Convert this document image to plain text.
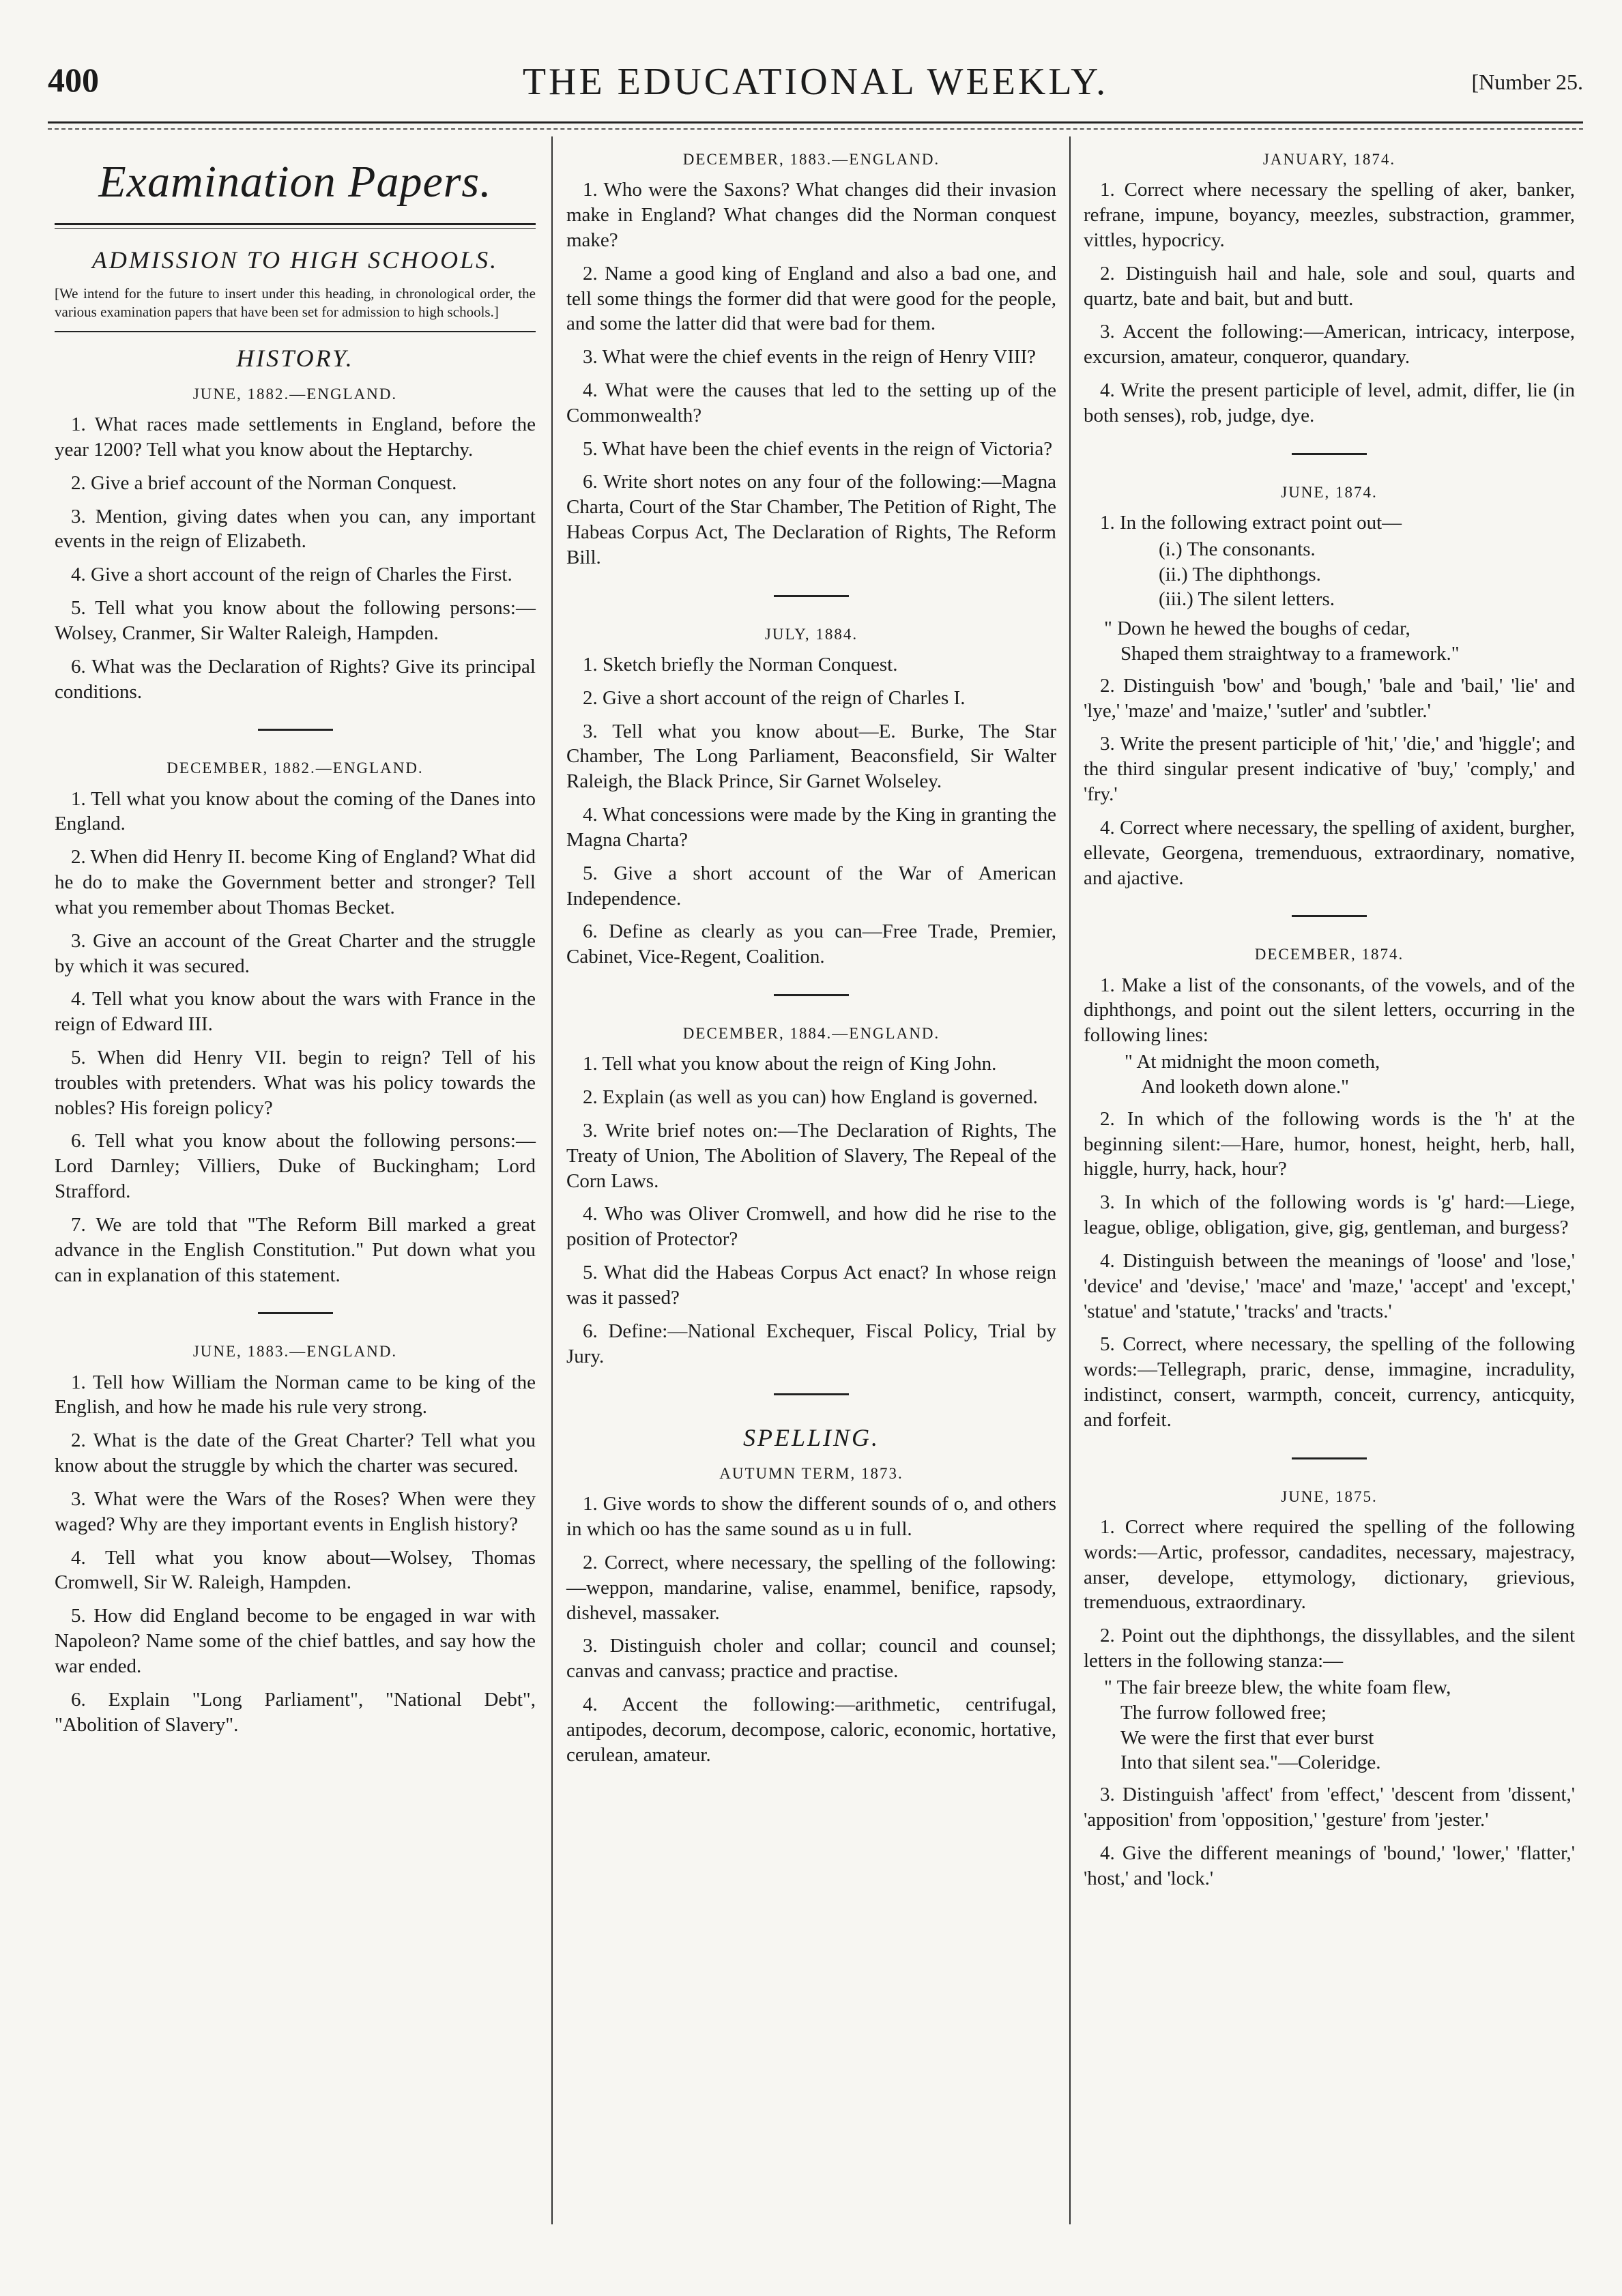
400	THE EDUCATIONAL WEEKLY.	[Number 25.
Examination Papers.
ADMISSION TO HIGH SCHOOLS.
[We intend for the future to insert under this heading, in chronological order, the various examination papers that have been set for admission to high schools.]
HISTORY.
JUNE, 1882.—ENGLAND.

1. What races made settlements in England, before the year 1200? Tell what you know about the Heptarchy.

2. Give a brief account of the Norman Conquest.

3. Mention, giving dates when you can, any important events in the reign of Elizabeth.

4. Give a short account of the reign of Charles the First.

5. Tell what you know about the following persons:—Wolsey, Cranmer, Sir Walter Raleigh, Hampden.

6. What was the Declaration of Rights? Give its principal conditions.

DECEMBER, 1882.—ENGLAND.

1. Tell what you know about the coming of the Danes into England.

2. When did Henry II. become King of England? What did he do to make the Government better and stronger? Tell what you remember about Thomas Becket.

3. Give an account of the Great Charter and the struggle by which it was secured.

4. Tell what you know about the wars with France in the reign of Edward III.

5. When did Henry VII. begin to reign? Tell of his troubles with pretenders. What was his policy towards the nobles? His foreign policy?

6. Tell what you know about the following persons:—Lord Darnley; Villiers, Duke of Buckingham; Lord Strafford.

7. We are told that "The Reform Bill marked a great advance in the English Constitution." Put down what you can in explanation of this statement.

JUNE, 1883.—ENGLAND.

1. Tell how William the Norman came to be king of the English, and how he made his rule very strong.

2. What is the date of the Great Charter? Tell what you know about the struggle by which the charter was secured.

3. What were the Wars of the Roses? When were they waged? Why are they important events in English history?

4. Tell what you know about—Wolsey, Thomas Cromwell, Sir W. Raleigh, Hampden.

5. How did England become to be engaged in war with Napoleon? Name some of the chief battles, and say how the war ended.

6. Explain "Long Parliament", "National Debt", "Abolition of Slavery".

DECEMBER, 1883.—ENGLAND.

1. Who were the Saxons? What changes did their invasion make in England? What changes did the Norman conquest make?

2. Name a good king of England and also a bad one, and tell some things the former did that were good for the people, and some the latter did that were bad for them.

3. What were the chief events in the reign of Henry VIII?

4. What were the causes that led to the setting up of the Commonwealth?

5. What have been the chief events in the reign of Victoria?

6. Write short notes on any four of the following:—Magna Charta, Court of the Star Chamber, The Petition of Right, The Habeas Corpus Act, The Declaration of Rights, The Reform Bill.

JULY, 1884.

1. Sketch briefly the Norman Conquest.

2. Give a short account of the reign of Charles I.

3. Tell what you know about—E. Burke, The Star Chamber, The Long Parliament, Beaconsfield, Sir Walter Raleigh, the Black Prince, Sir Garnet Wolseley.

4. What concessions were made by the King in granting the Magna Charta?

5. Give a short account of the War of American Independence.

6. Define as clearly as you can—Free Trade, Premier, Cabinet, Vice-Regent, Coalition.

DECEMBER, 1884.—ENGLAND.

1. Tell what you know about the reign of King John.

2. Explain (as well as you can) how England is governed.

3. Write brief notes on:—The Declaration of Rights, The Treaty of Union, The Abolition of Slavery, The Repeal of the Corn Laws.

4. Who was Oliver Cromwell, and how did he rise to the position of Protector?

5. What did the Habeas Corpus Act enact? In whose reign was it passed?

6. Define:—National Exchequer, Fiscal Policy, Trial by Jury.

SPELLING.
AUTUMN TERM, 1873.

1. Give words to show the different sounds of o, and others in which oo has the same sound as u in full.

2. Correct, where necessary, the spelling of the following:—weppon, mandarine, valise, enammel, benifice, rapsody, dishevel, massaker.

3. Distinguish choler and collar; council and counsel; canvas and canvass; practice and practise.

4. Accent the following:—arithmetic, centrifugal, antipodes, decorum, decompose, caloric, economic, hortative, cerulean, amateur.

JANUARY, 1874.

1. Correct where necessary the spelling of aker, banker, refrane, impune, boyancy, meezles, substraction, grammer, vittles, hypocricy.

2. Distinguish hail and hale, sole and soul, quarts and quartz, bate and bait, but and butt.

3. Accent the following:—American, intricacy, interpose, excursion, amateur, conqueror, quandary.

4. Write the present participle of level, admit, differ, lie (in both senses), rob, judge, dye.

JUNE, 1874.

1. In the following extract point out—

(i.) The consonants.
(ii.) The diphthongs.
(iii.) The silent letters.
" Down he hewed the boughs of cedar,
Shaped them straightway to a framework."

2. Distinguish 'bow' and 'bough,' 'bale and 'bail,' 'lie' and 'lye,' 'maze' and 'maize,' 'sutler' and 'subtler.'

3. Write the present participle of 'hit,' 'die,' and 'higgle'; and the third singular present indicative of 'buy,' 'comply,' and 'fry.'

4. Correct where necessary, the spelling of axident, burgher, ellevate, Georgena, tremenduous, extraordinary, nomative, and ajactive.

DECEMBER, 1874.

1. Make a list of the consonants, of the vowels, and of the diphthongs, and point out the silent letters, occurring in the following lines:

" At midnight the moon cometh,
And looketh down alone."

2. In which of the following words is the 'h' at the beginning silent:—Hare, humor, honest, height, herb, hall, higgle, hurry, hack, hour?

3. In which of the following words is 'g' hard:—Liege, league, oblige, obligation, give, gig, gentleman, and burgess?

4. Distinguish between the meanings of 'loose' and 'lose,' 'device' and 'devise,' 'mace' and 'maze,' 'accept' and 'except,' 'statue' and 'statute,' 'tracks' and 'tracts.'

5. Correct, where necessary, the spelling of the following words:—Tellegraph, praric, dense, immagine, incradulity, indistinct, consert, warmpth, conceit, currency, anticquity, and forfeit.

JUNE, 1875.

1. Correct where required the spelling of the following words:—Artic, professor, candadites, necessary, majestracy, anser, develope, ettymology, dictionary, grievious, tremenduous, extraordinary.

2. Point out the diphthongs, the dissyllables, and the silent letters in the following stanza:—

" The fair breeze blew, the white foam flew,
The furrow followed free;
We were the first that ever burst
Into that silent sea."—Coleridge.

3. Distinguish 'affect' from 'effect,' 'descent from 'dissent,' 'apposition' from 'opposition,' 'gesture' from 'jester.'

4. Give the different meanings of 'bound,' 'lower,' 'flatter,' 'host,' and 'lock.'
